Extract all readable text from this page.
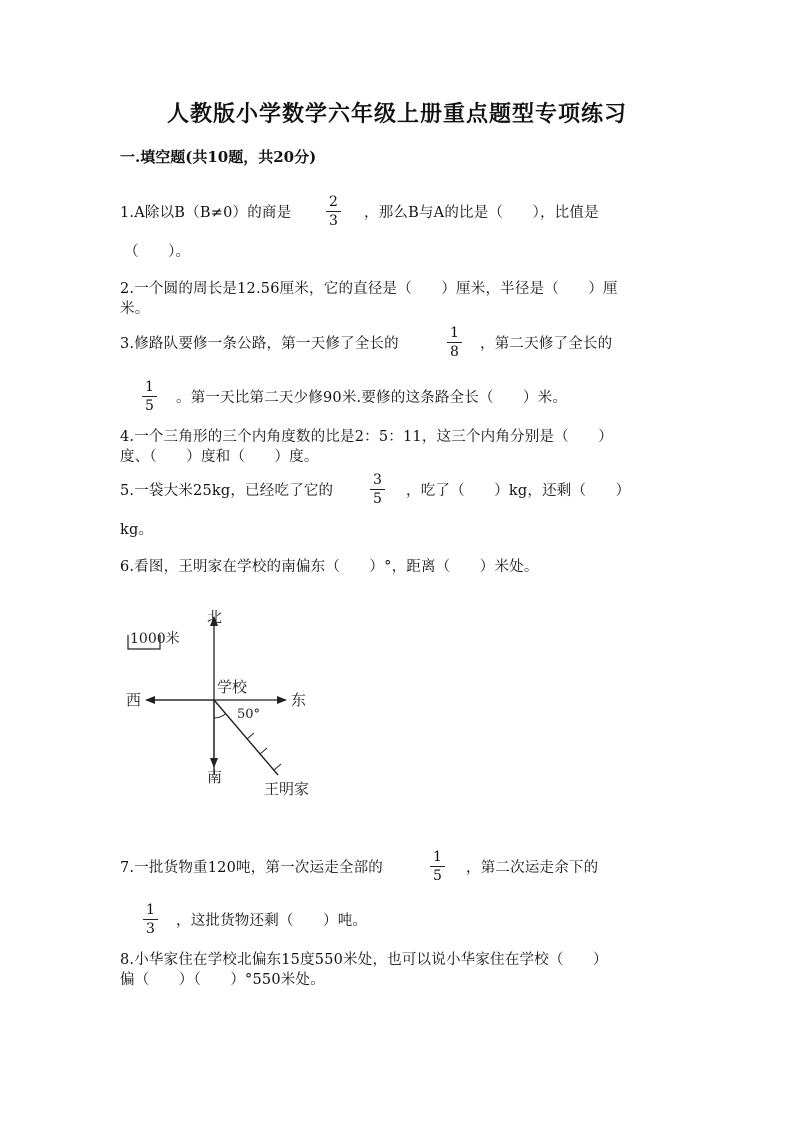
人教版小学数学六年级上册重点题型专项练习
一.填空题(共10题，共20分)
1.A除以B（B≠0）的商是
2
3 ，那么B与A的比是（　　），比值是
（　　）。
2.一个圆的周长是12.56厘米，它的直径是（　　）厘米，半径是（　　）厘
米。
3.修路队要修一条公路，第一天修了全长的
1
8 ，第二天修了全长的
1
5 。第一天比第二天少修90米.要修的这条路全长（　　）米。
4.一个三角形的三个内角度数的比是2：5：11，这三个内角分别是（　　）
度、（　　）度和（　　）度。
5.一袋大米25kg，已经吃了它的
3
5 ，吃了（　　）kg，还剩（　　）
kg。
6.看图，王明家在学校的南偏东（　　）°，距离（　　）米处。
1000米
北
南
东
西
学校
50°
王明家
7.一批货物重120吨，第一次运走全部的
1
5 ，第二次运走余下的
1
3 ，这批货物还剩（　　）吨。
8.小华家住在学校北偏东15度550米处，也可以说小华家住在学校（　　）
偏（　　）（　　）°550米处。
